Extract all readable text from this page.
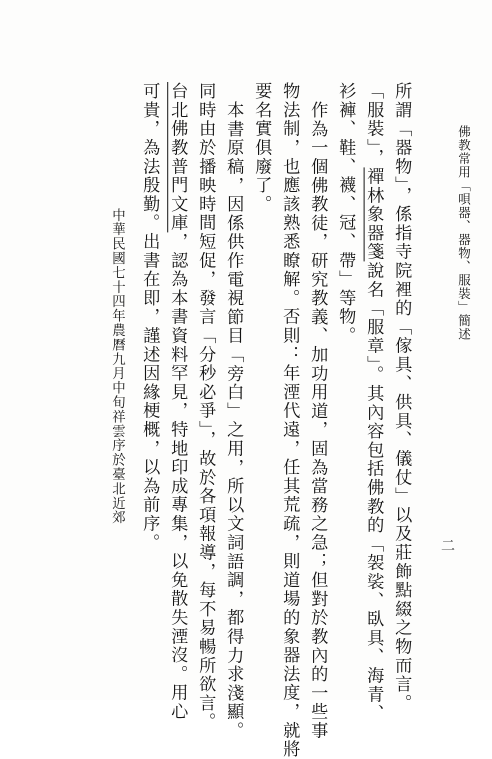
佛教常用「唄器、器物、服裝」簡述
二
所謂「器物」，係指寺院裡的「傢具、供具、儀仗」以及莊飾點綴之物而言。
「服裝」，禪林象器箋說名「服章」。其內容包括佛教的「袈裟、臥具、海青、
衫褲、鞋、襪、冠、帶」等物。
作為一個佛教徒，研究教義、加功用道，固為當務之急；但對於教內的一些事
物法制，也應該熟悉瞭解。否則：年湮代遠，任其荒疏，則道場的象器法度，就將
要名實俱廢了。
本書原稿，因係供作電視節目「旁白」之用，所以文詞語調，都得力求淺顯。
同時由於播映時間短促，發言「分秒必爭」，故於各項報導，每不易暢所欲言。
台北佛教普門文庫，認為本書資料罕見，特地印成專集，以免散失湮沒。用心
可貴，為法殷勤。出書在即，謹述因緣梗概，以為前序。
中華民國七十四年農曆九月中旬祥雲序於臺北近郊
